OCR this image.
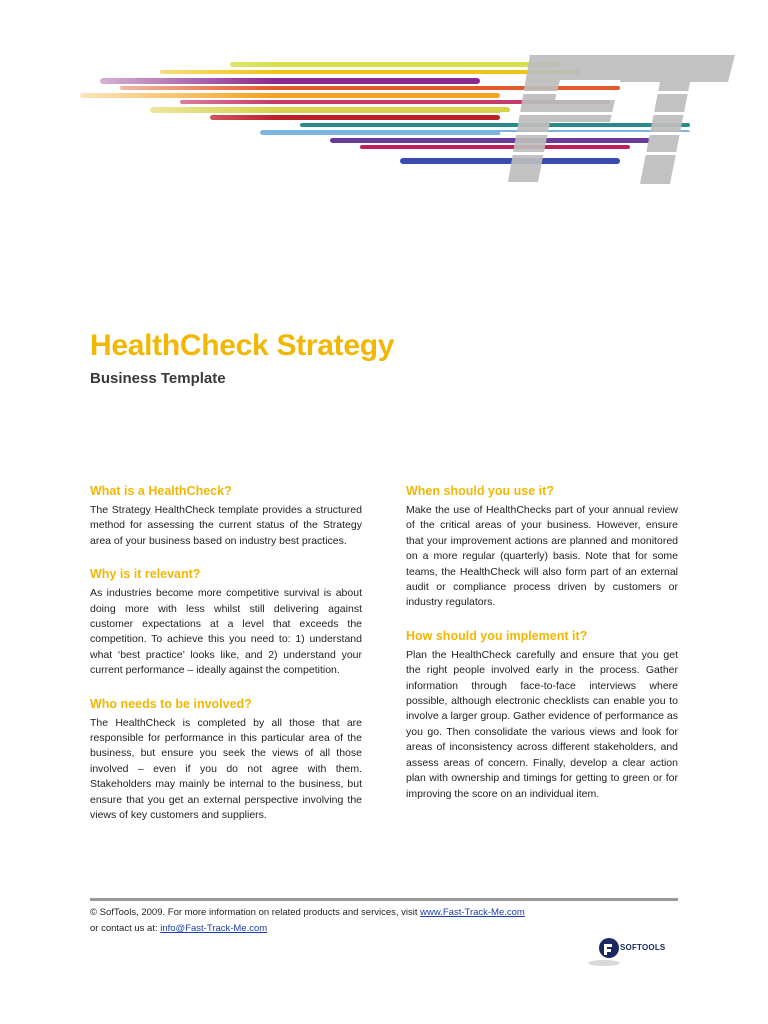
HealthCheck Strategy
Business Template
What is a HealthCheck?

The Strategy HealthCheck template provides a structured method for assessing the current status of the Strategy area of your business based on industry best practices.

Why is it relevant?

As industries become more competitive survival is about doing more with less whilst still delivering against customer expectations at a level that exceeds the competition. To achieve this you need to: 1) understand what ‘best practice’ looks like, and 2) understand your current performance – ideally against the competition.

Who needs to be involved?

The HealthCheck is completed by all those that are responsible for performance in this particular area of the business, but ensure you seek the views of all those involved – even if you do not agree with them. Stakeholders may mainly be internal to the business, but ensure that you get an external perspective involving the views of key customers and suppliers.

When should you use it?

Make the use of HealthChecks part of your annual review of the critical areas of your business. However, ensure that your improvement actions are planned and monitored on a more regular (quarterly) basis. Note that for some teams, the HealthCheck will also form part of an external audit or compliance process driven by customers or industry regulators.

How should you implement it?

Plan the HealthCheck carefully and ensure that you get the right people involved early in the process. Gather information through face-to-face interviews where possible, although electronic checklists can enable you to involve a larger group. Gather evidence of performance as you go. Then consolidate the various views and look for areas of inconsistency across different stakeholders, and assess areas of concern. Finally, develop a clear action plan with ownership and timings for getting to green or for improving the score on an individual item.

© SofTools, 2009. For more information on related products and services, visit www.Fast-Track-Me.com
or contact us at: info@Fast-Track-Me.com
SOFTOOLS
